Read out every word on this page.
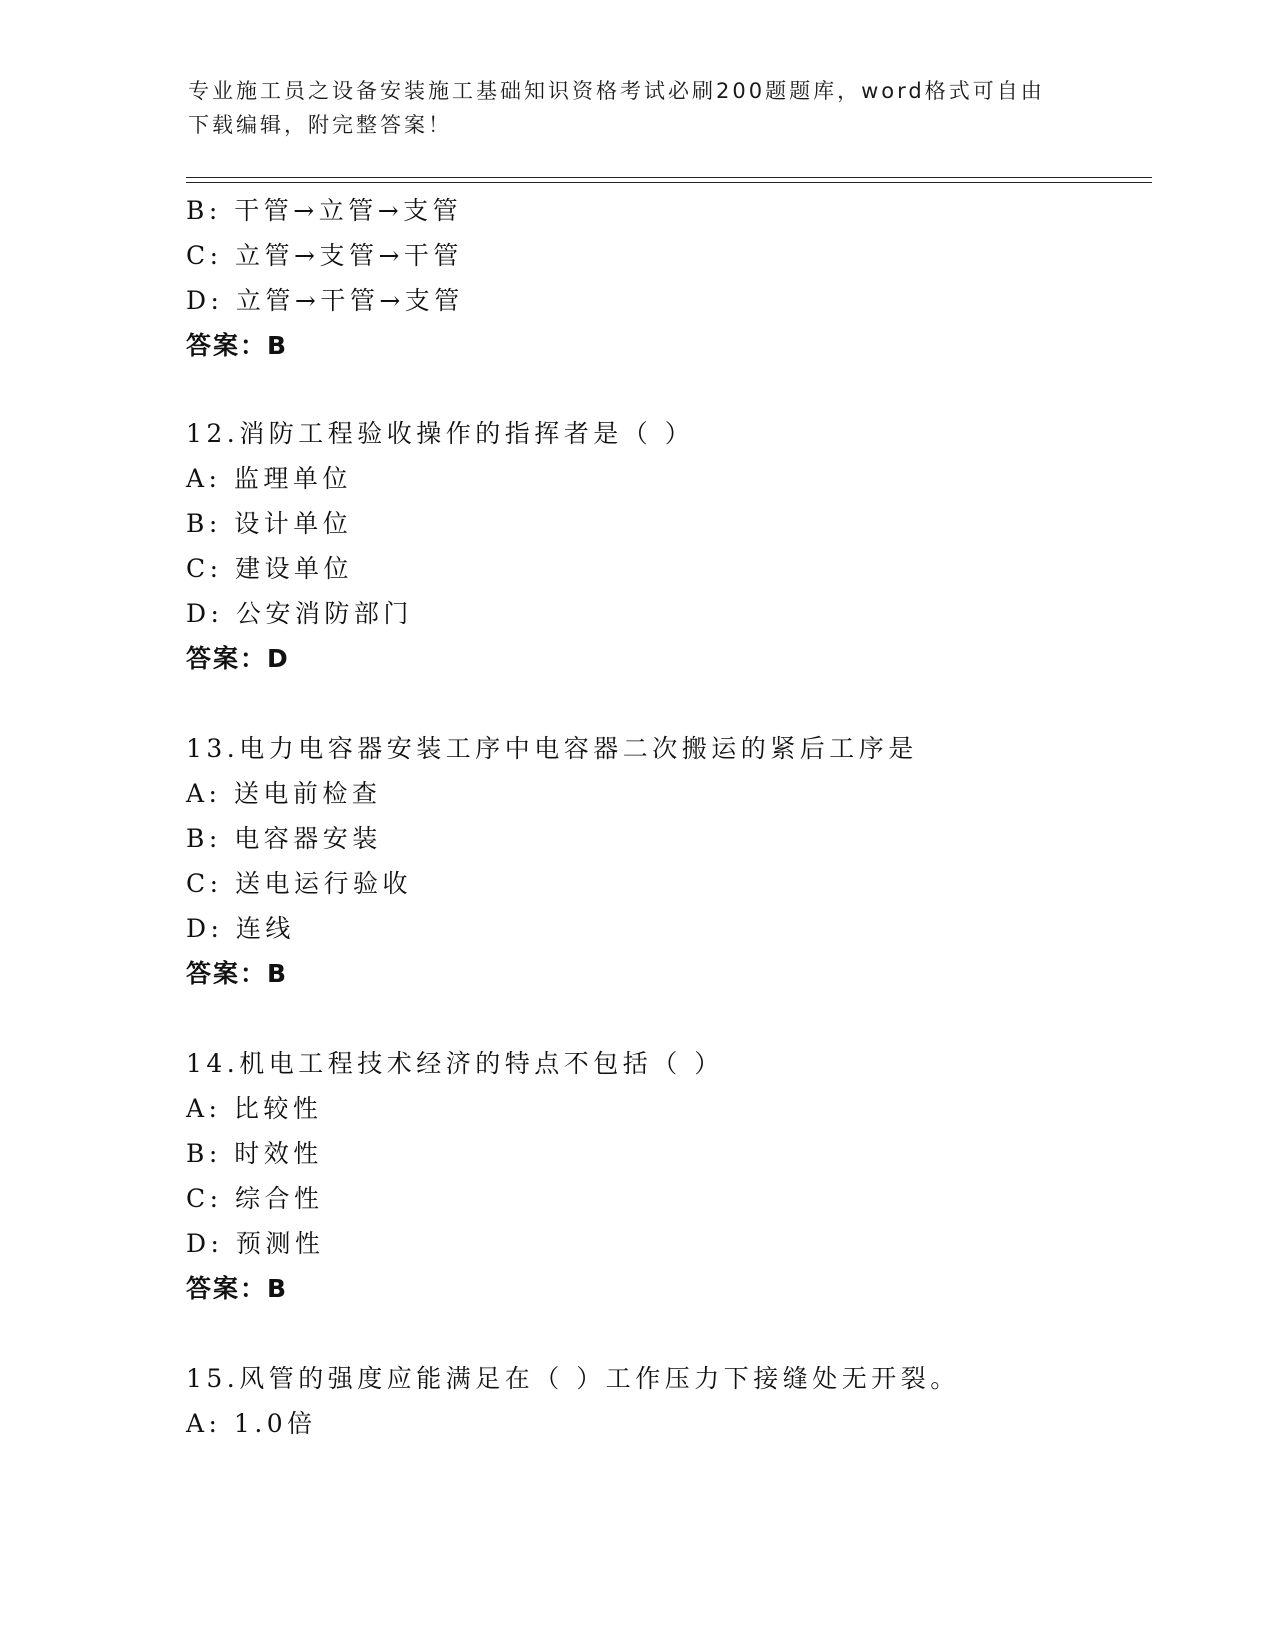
专业施工员之设备安装施工基础知识资格考试必刷200题题库，word格式可自由
下载编辑，附完整答案！
B: 干管→立管→支管
C: 立管→支管→干管
D: 立管→干管→支管
答案：B
12.消防工程验收操作的指挥者是（ ）
A: 监理单位
B: 设计单位
C: 建设单位
D: 公安消防部门
答案：D
13.电力电容器安装工序中电容器二次搬运的紧后工序是
A: 送电前检查
B: 电容器安装
C: 送电运行验收
D: 连线
答案：B
14.机电工程技术经济的特点不包括（ ）
A: 比较性
B: 时效性
C: 综合性
D: 预测性
答案：B
15.风管的强度应能满足在（ ）工作压力下接缝处无开裂。
A: 1.0倍
